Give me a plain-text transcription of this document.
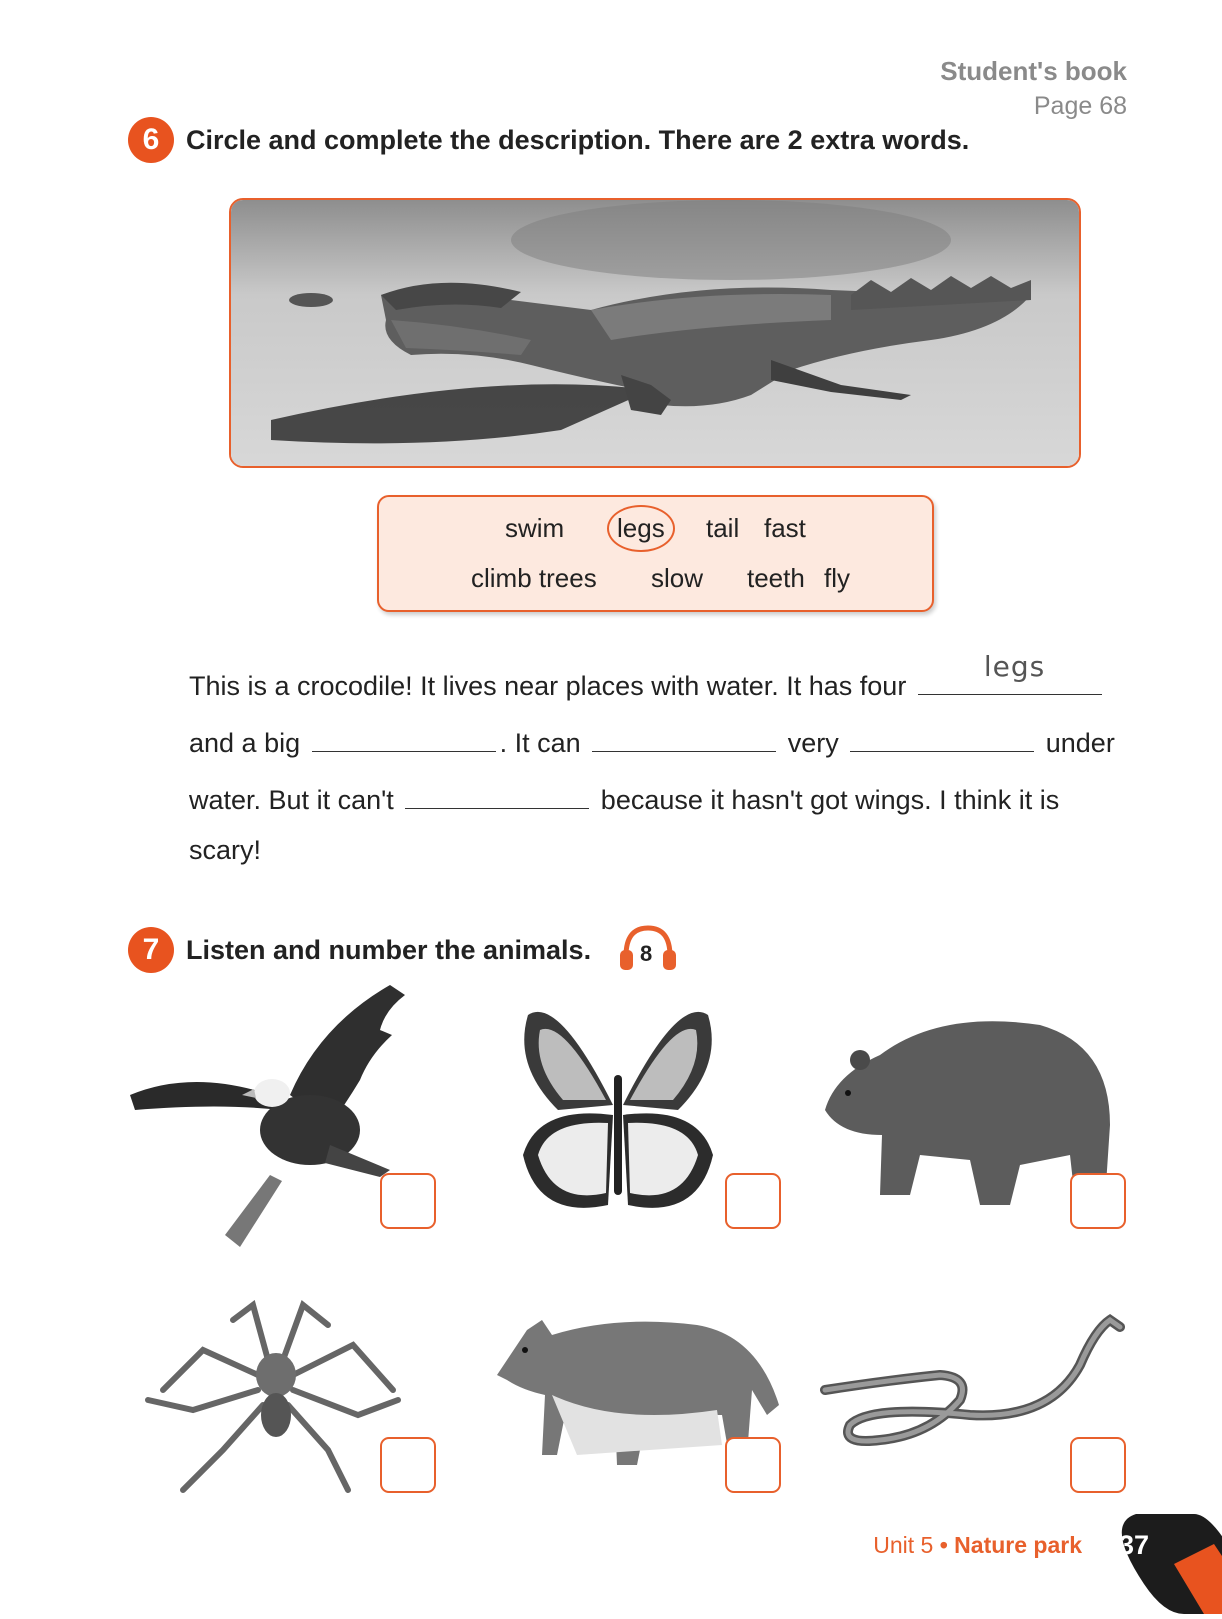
Student's book
Page 68
6 Circle and complete the description. There are 2 extra words.
swim	legs	tail fast
climb trees slow teeth fly
This is a crocodile! It lives near places with water. It has four
legs
and a big	. It can	very	under
water. But it can't	because it hasn't got wings. I think it is
scary!
7 Listen and number the animals. 8
Unit 5 • Nature park 37
